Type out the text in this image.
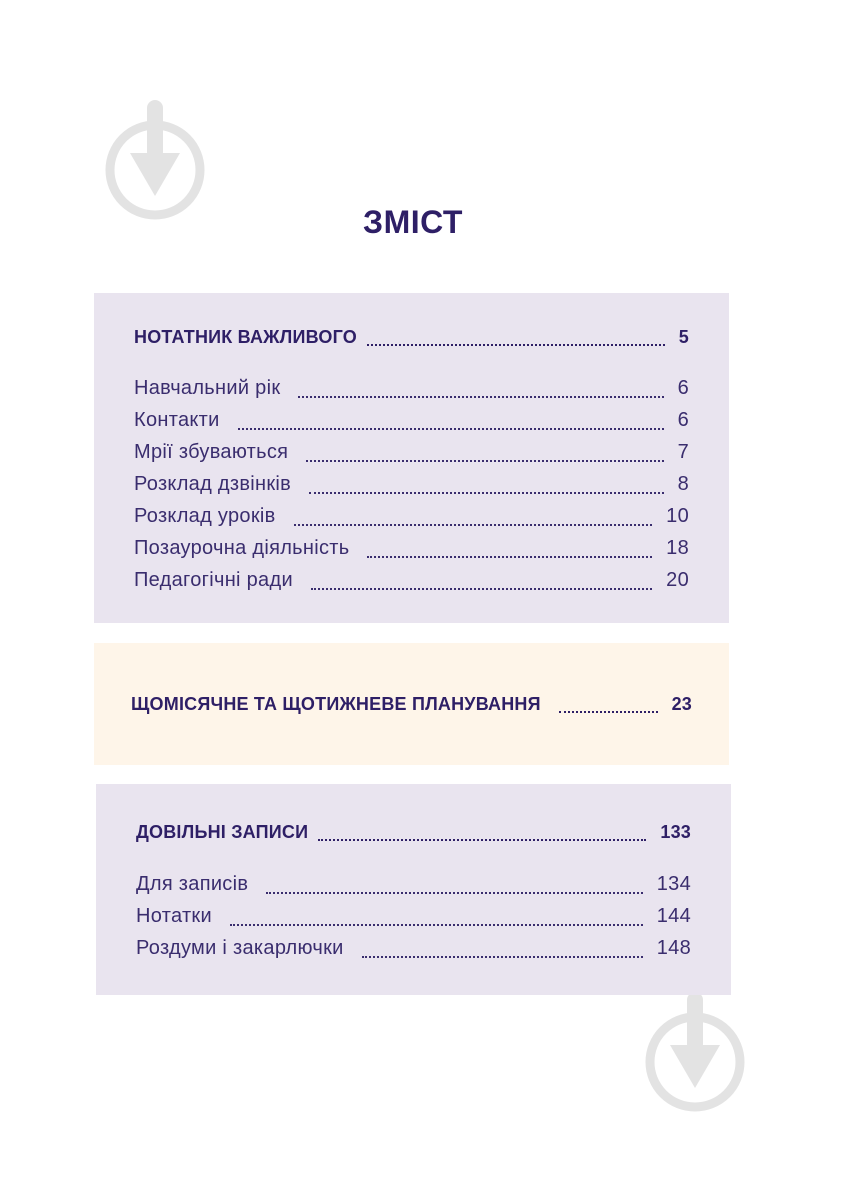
ЗМІСТ
НОТАТНИК ВАЖЛИВОГО	5
Навчальний рік	6
Контакти	6
Мрії збуваються	7
Розклад дзвінків	8
Розклад уроків	10
Позаурочна діяльність	18
Педагогічні ради	20
ЩОМІСЯЧНЕ ТА ЩОТИЖНЕВЕ ПЛАНУВАННЯ	23
ДОВІЛЬНІ ЗАПИСИ	133
Для записів	134
Нотатки	144
Роздуми і закарлючки	148
